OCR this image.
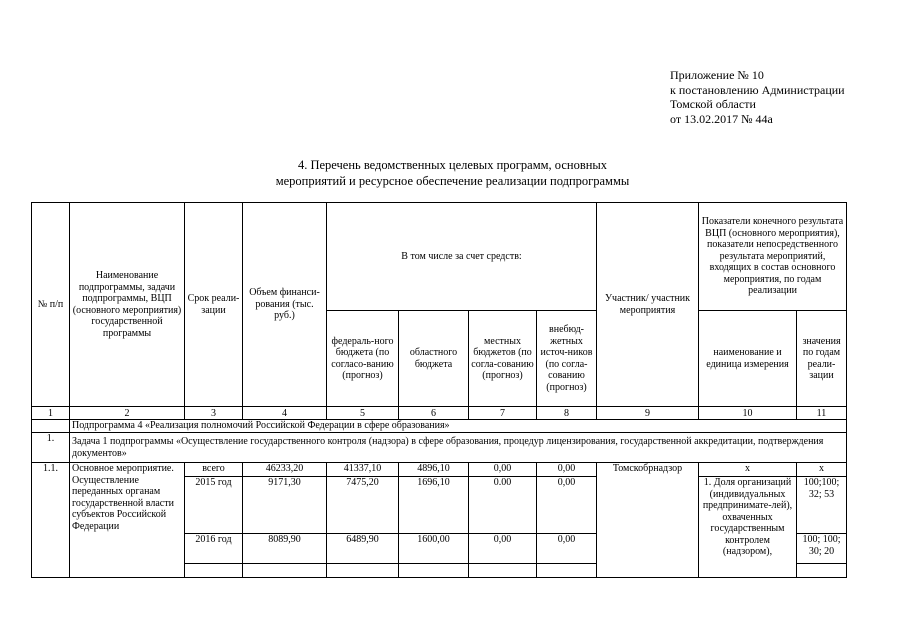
Приложение № 10
к постановлению Администрации
Томской области
от 13.02.2017 № 44а
4. Перечень ведомственных целевых программ, основных
мероприятий и ресурсное обеспечение реализации подпрограммы
№ п/п	Наименование подпрограммы, задачи подпрограммы, ВЦП (основного мероприятия) государственной программы	Срок реали-зации	Объем финанси-рования (тыс. руб.)	В том числе за счет средств:				Участник/ участник мероприятия	Показатели конечного результата ВЦП (основного мероприятия), показатели непосредственного результата мероприятий, входящих в состав основного мероприятия, по годам реализации	
				федераль-ного бюджета (по согласо-ванию (прогноз)	областного бюджета	местных бюджетов (по согла-сованию (прогноз)	внебюд-жетных источ-ников (по согла-сованию (прогноз)		наименование и единица измерения	значения по годам реали-зации
1	2	3	4	5	6	7	8	9	10	11
	Подпрограмма 4 «Реализация полномочий Российской Федерации в сфере образования»									
1.	Задача 1 подпрограммы «Осуществление государственного контроля (надзора) в сфере образования, процедур лицензирования, государственной аккредитации, подтверждения документов»									
1.1.	Основное мероприятие. Осуществление переданных органам государственной власти субъектов Российской Федерации	всего	46233,20	41337,10	4896,10	0,00	0,00	Томскобрнадзор	х	х
		2015 год	9171,30	7475,20	1696,10	0.00	0,00		1. Доля организаций (индивидуальных предпринимате-лей), охваченных государственным контролем (надзором),	100;100; 32; 53
		2016 год	8089,90	6489,90	1600,00	0,00	0,00			100; 100; 30; 20
